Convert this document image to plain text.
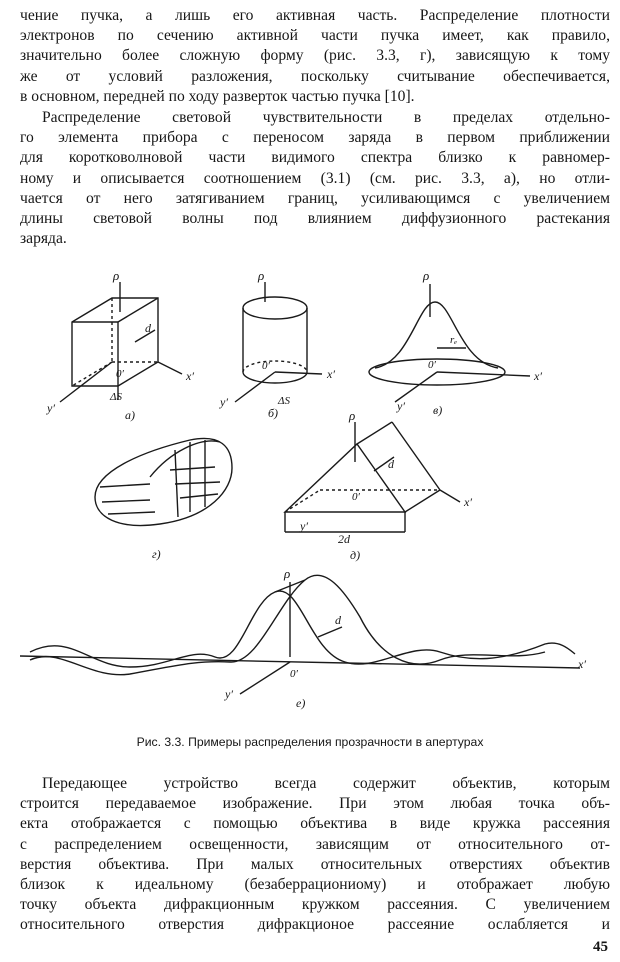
чение пучка, а лишь его активная часть. Распределение плотности
электронов по сечению активной части пучка имеет, как правило,
значительно более сложную форму (рис. 3.3, г), зависящую к тому
же от условий разложения, поскольку считывание обеспечивается,
в основном, передней по ходу разверток частью пучка [10].
Распределение световой чувствительности в пределах отдельно-
го элемента прибора с переносом заряда в первом приближении
для коротковолновой части видимого спектра близко к равномер-
ному и описывается соотношением (3.1) (см. рис. 3.3, а), но отли-
чается от него затягиванием границ, усиливающимся с увеличением
длины световой волны под влиянием диффузионного растекания
заряда.
ρ
d
0′	x′
y′
ΔS
а)
ρ
0′
x′
y′	ΔS
б)
ρ
rₑ
0′
x′
y′ в)
г)
ρ
d
0′	x′
y′
2d
д)
ρ
d
0′
x′
y′
е)
Рис. 3.3. Примеры распределения прозрачности в апертурах
Передающее устройство всегда содержит объектив, которым
строится передаваемое изображение. При этом любая точка объ-
екта отображается с помощью объектива в виде кружка рассеяния
с распределением освещенности, зависящим от относительного от-
верстия объектива. При малых относительных отверстиях объектив
близок к идеальному (безаберрациониому) и отображает любую
точку объекта дифракционным кружком рассеяния. С увеличением
относительного отверстия дифракционое рассеяние ослабляется и
45
